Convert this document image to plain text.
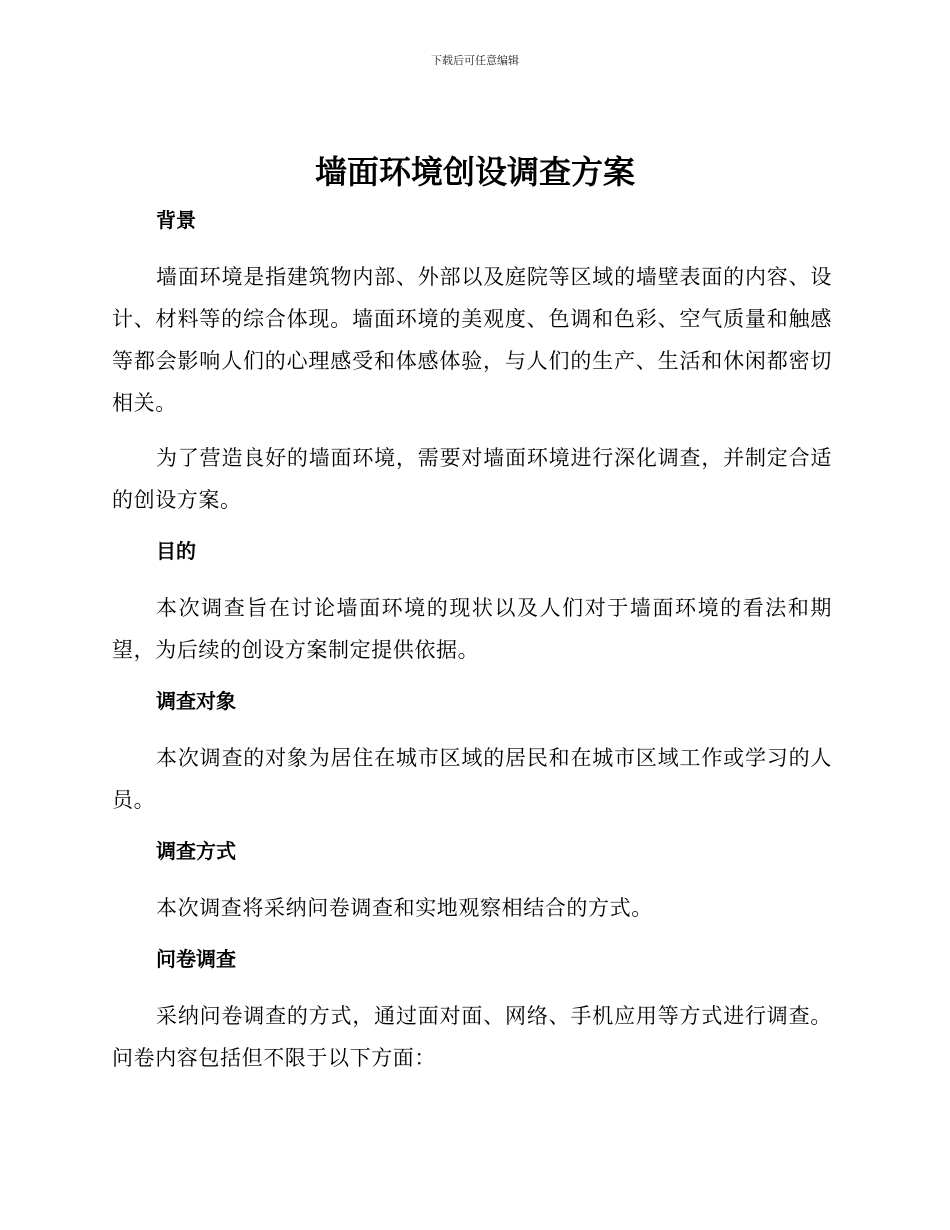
下载后可任意编辑
墙面环境创设调查方案
背景

墙面环境是指建筑物内部、外部以及庭院等区域的墙壁表面的内容、设计、材料等的综合体现。墙面环境的美观度、色调和色彩、空气质量和触感等都会影响人们的心理感受和体感体验，与人们的生产、生活和休闲都密切相关。

为了营造良好的墙面环境，需要对墙面环境进行深化调查，并制定合适的创设方案。

目的

本次调查旨在讨论墙面环境的现状以及人们对于墙面环境的看法和期望，为后续的创设方案制定提供依据。

调查对象

本次调查的对象为居住在城市区域的居民和在城市区域工作或学习的人员。

调查方式

本次调查将采纳问卷调查和实地观察相结合的方式。

问卷调查

采纳问卷调查的方式，通过面对面、网络、手机应用等方式进行调查。问卷内容包括但不限于以下方面：
